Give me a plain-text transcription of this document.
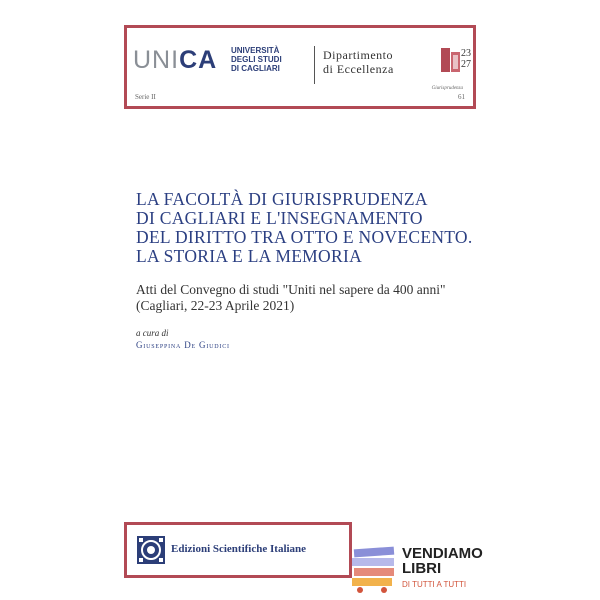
UNICA UNIVERSITÀ
DEGLI STUDI
DI CAGLIARI
Dipartimento
di Eccellenza
23
27
Giurisprudenza
Serie II	61
LA FACOLTÀ DI GIURISPRUDENZA
DI CAGLIARI E L'INSEGNAMENTO
DEL DIRITTO TRA OTTO E NOVECENTO.
LA STORIA E LA MEMORIA
Atti del Convegno di studi "Uniti nel sapere da 400 anni"
(Cagliari, 22-23 Aprile 2021)
a cura di
Giuseppina De Giudici
Edizioni Scientifiche Italiane	VENDIAMO
LIBRI
DI TUTTI A TUTTI
